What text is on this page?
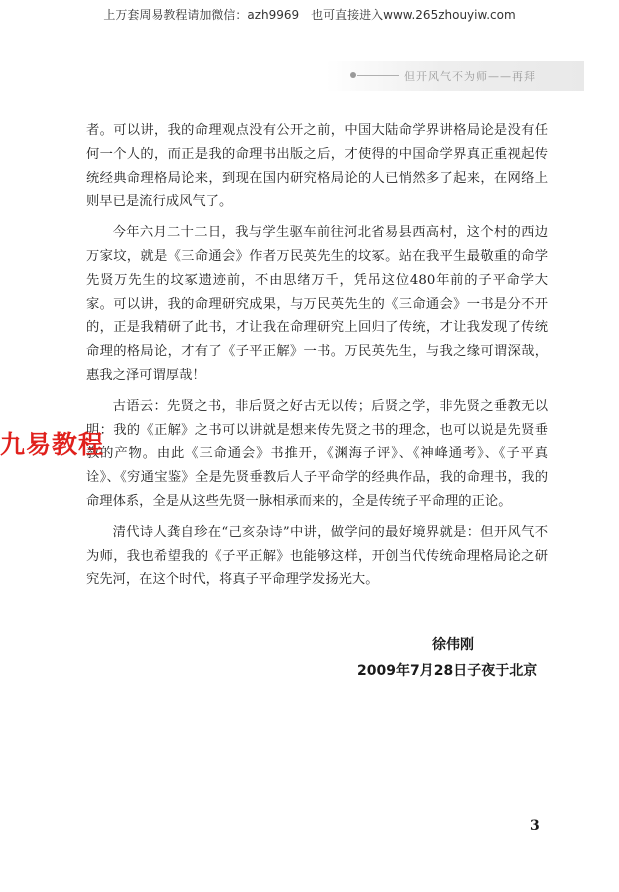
上万套周易教程请加微信：azh9969　也可直接进入www.265zhouyiw.com
但开风气不为师——再拜

者。可以讲，我的命理观点没有公开之前，中国大陆命学界讲格局论是没有任何一个人的，而正是我的命理书出版之后，才使得的中国命学界真正重视起传统经典命理格局论来，到现在国内研究格局论的人已悄然多了起来，在网络上则早已是流行成风气了。

今年六月二十二日，我与学生驱车前往河北省易县西高村，这个村的西边万家坟，就是《三命通会》作者万民英先生的坟冢。站在我平生最敬重的命学先贤万先生的坟冢遗迹前，不由思绪万千，凭吊这位480年前的子平命学大家。可以讲，我的命理研究成果，与万民英先生的《三命通会》一书是分不开的，正是我精研了此书，才让我在命理研究上回归了传统，才让我发现了传统命理的格局论，才有了《子平正解》一书。万民英先生，与我之缘可谓深哉，惠我之泽可谓厚哉！

古语云：先贤之书，非后贤之好古无以传；后贤之学，非先贤之垂教无以明：我的《正解》之书可以讲就是想来传先贤之书的理念，也可以说是先贤垂教的产物。由此《三命通会》书推开，《渊海子评》、《神峰通考》、《子平真诠》、《穷通宝鉴》全是先贤垂教后人子平命学的经典作品，我的命理书，我的命理体系，全是从这些先贤一脉相承而来的，全是传统子平命理的正论。

清代诗人龚自珍在“己亥杂诗”中讲，做学问的最好境界就是：但开风气不为师，我也希望我的《子平正解》也能够这样，开创当代传统命理格局论之研究先河，在这个时代，将真子平命理学发扬光大。

九易教程
徐伟刚
2009年7月28日子夜于北京
3
